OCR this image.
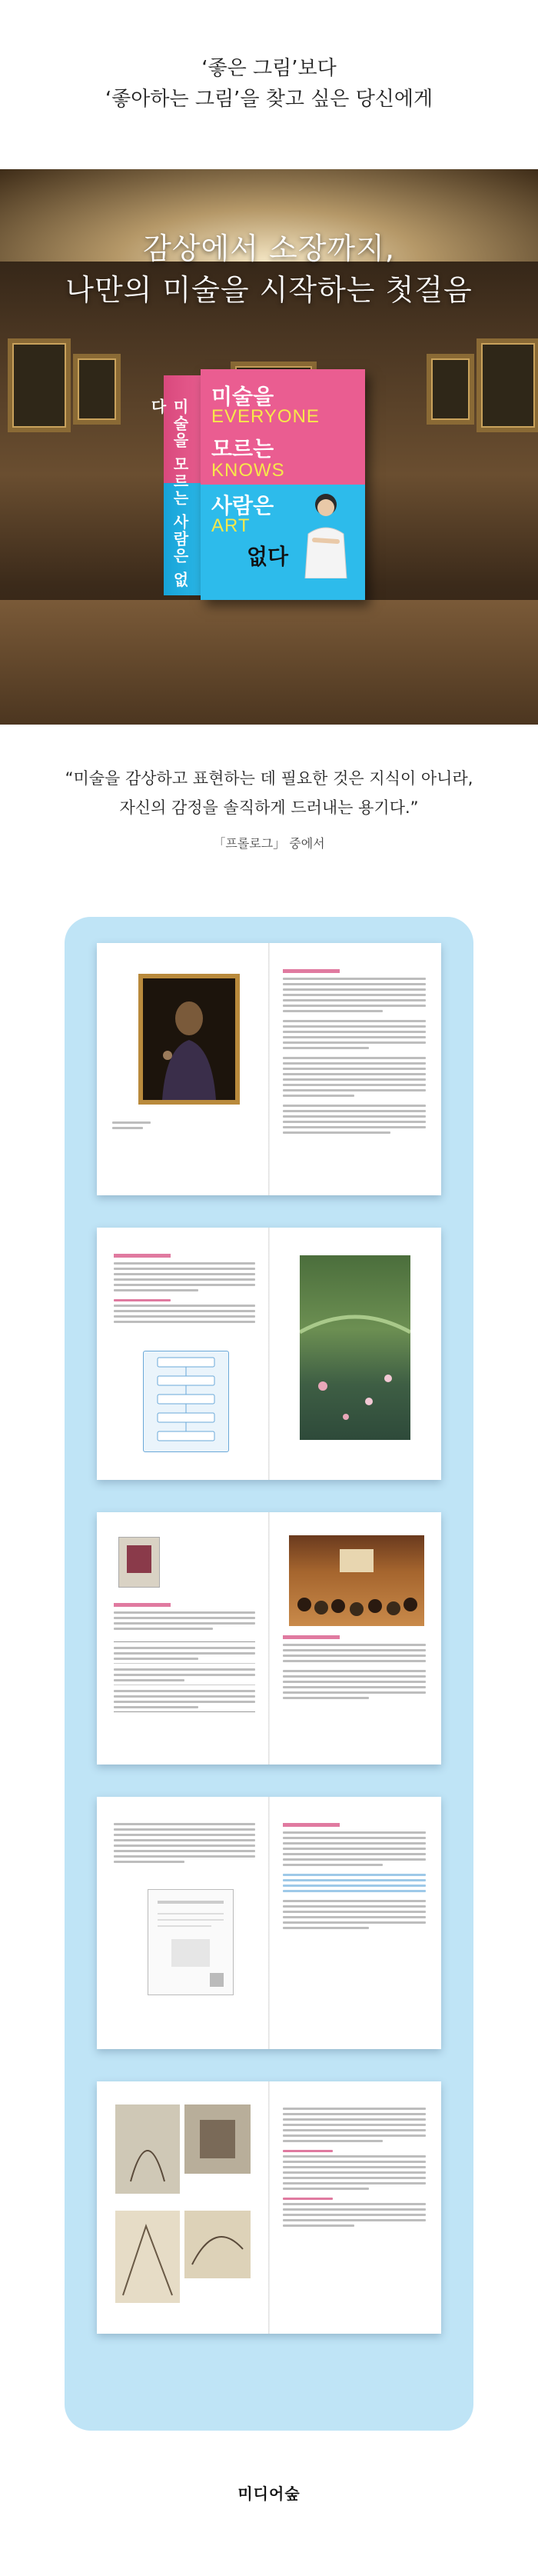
‘좋은 그림’보다
‘좋아하는 그림’을 찾고 싶은 당신에게
감상에서 소장까지,
나만의 미술을 시작하는 첫걸음
미술을 모르는 사람은 없다	미술을
EVERYONE
모르는
KNOWS
사람은
ART
없다
“미술을 감상하고 표현하는 데 필요한 것은 지식이 아니라,
자신의 감정을 솔직하게 드러내는 용기다.”
「프롤로그」 중에서
미디어숲
